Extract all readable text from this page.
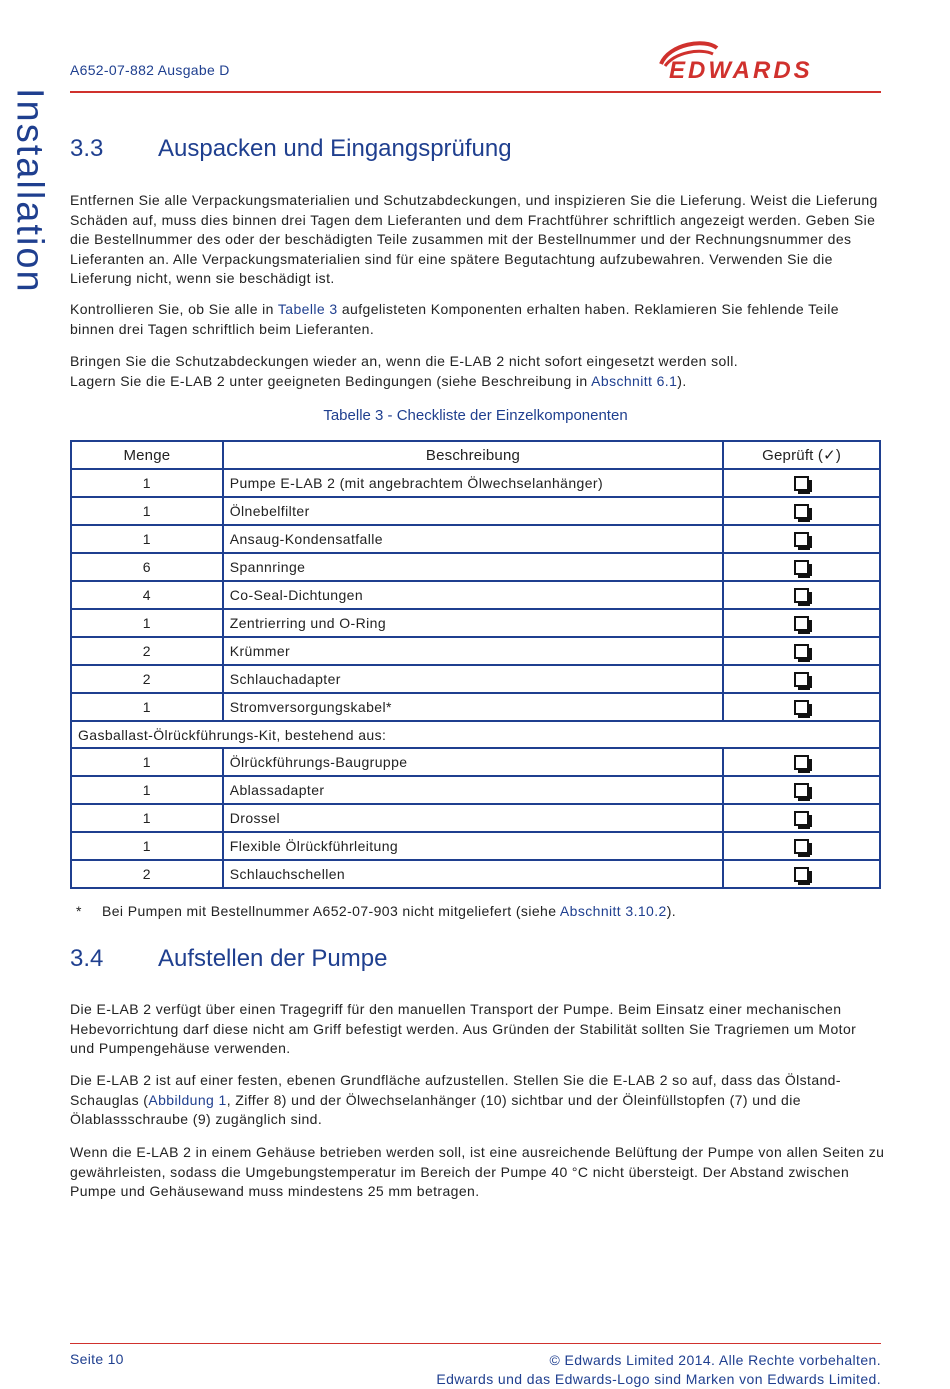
A652-07-882 Ausgabe D	EDWARDS
Installation 3.3 Auspacken und Eingangsprüfung

Entfernen Sie alle Verpackungsmaterialien und Schutzabdeckungen, und inspizieren Sie die Lieferung. Weist die Lieferung Schäden auf, muss dies binnen drei Tagen dem Lieferanten und dem Frachtführer schriftlich angezeigt werden. Geben Sie die Bestellnummer des oder der beschädigten Teile zusammen mit der Bestellnummer und der Rechnungsnummer des Lieferanten an. Alle Verpackungsmaterialien sind für eine spätere Begutachtung aufzubewahren. Verwenden Sie die Lieferung nicht, wenn sie beschädigt ist.

Kontrollieren Sie, ob Sie alle in Tabelle 3 aufgelisteten Komponenten erhalten haben. Reklamieren Sie fehlende Teile binnen drei Tagen schriftlich beim Lieferanten.

Bringen Sie die Schutzabdeckungen wieder an, wenn die E-LAB 2 nicht sofort eingesetzt werden soll.

Lagern Sie die E-LAB 2 unter geeigneten Bedingungen (siehe Beschreibung in Abschnitt 6.1).

Tabelle 3 - Checkliste der Einzelkomponenten
Menge	Beschreibung	Geprüft (✓)
1	Pumpe E-LAB 2 (mit angebrachtem Ölwechselanhänger)	
1	Ölnebelfilter	
1	Ansaug-Kondensatfalle	
6	Spannringe	
4	Co-Seal-Dichtungen	
1	Zentrierring und O-Ring	
2	Krümmer	
2	Schlauchadapter	
1	Stromversorgungskabel*	
Gasballast-Ölrückführungs-Kit, bestehend aus:		
1	Ölrückführungs-Baugruppe	
1	Ablassadapter	
1	Drossel	
1	Flexible Ölrückführleitung	
2	Schlauchschellen	
* Bei Pumpen mit Bestellnummer A652-07-903 nicht mitgeliefert (siehe Abschnitt 3.10.2).
3.4 Aufstellen der Pumpe

Die E-LAB 2 verfügt über einen Tragegriff für den manuellen Transport der Pumpe. Beim Einsatz einer mechanischen Hebevorrichtung darf diese nicht am Griff befestigt werden. Aus Gründen der Stabilität sollten Sie Tragriemen um Motor und Pumpengehäuse verwenden.

Die E-LAB 2 ist auf einer festen, ebenen Grundfläche aufzustellen. Stellen Sie die E-LAB 2 so auf, dass das Ölstand-Schauglas (Abbildung 1, Ziffer 8) und der Ölwechselanhänger (10) sichtbar und der Öleinfüllstopfen (7) und die Ölablassschraube (9) zugänglich sind.

Wenn die E-LAB 2 in einem Gehäuse betrieben werden soll, ist eine ausreichende Belüftung der Pumpe von allen Seiten zu gewährleisten, sodass die Umgebungstemperatur im Bereich der Pumpe 40 °C nicht übersteigt. Der Abstand zwischen Pumpe und Gehäusewand muss mindestens 25 mm betragen.

Seite 10	© Edwards Limited 2014. Alle Rechte vorbehalten.
Edwards und das Edwards-Logo sind Marken von Edwards Limited.
